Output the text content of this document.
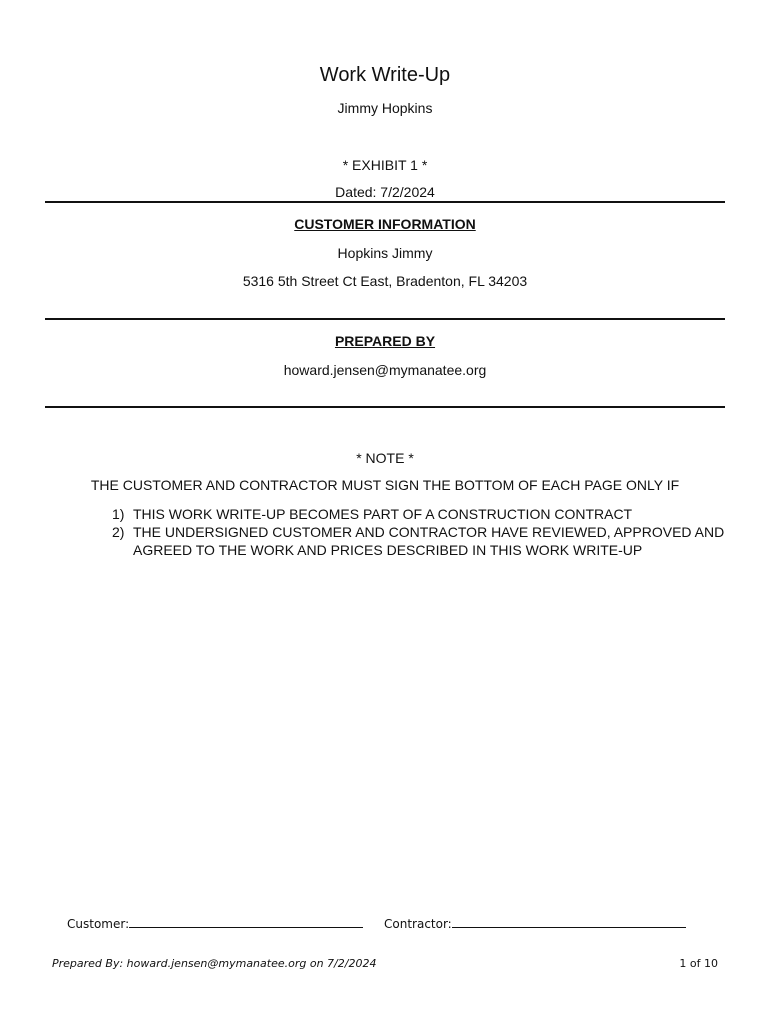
Work Write-Up
Jimmy Hopkins
* EXHIBIT 1 *
Dated: 7/2/2024
CUSTOMER INFORMATION
Hopkins Jimmy
5316 5th Street Ct East, Bradenton, FL 34203
PREPARED BY
howard.jensen@mymanatee.org
* NOTE *
THE CUSTOMER AND CONTRACTOR MUST SIGN THE BOTTOM OF EACH PAGE ONLY IF
1) THIS WORK WRITE-UP BECOMES PART OF A CONSTRUCTION CONTRACT
2) THE UNDERSIGNED CUSTOMER AND CONTRACTOR HAVE REVIEWED, APPROVED AND AGREED TO THE WORK AND PRICES DESCRIBED IN THIS WORK WRITE-UP
Customer:	Contractor:
Prepared By: howard.jensen@mymanatee.org on 7/2/2024	1 of 10
